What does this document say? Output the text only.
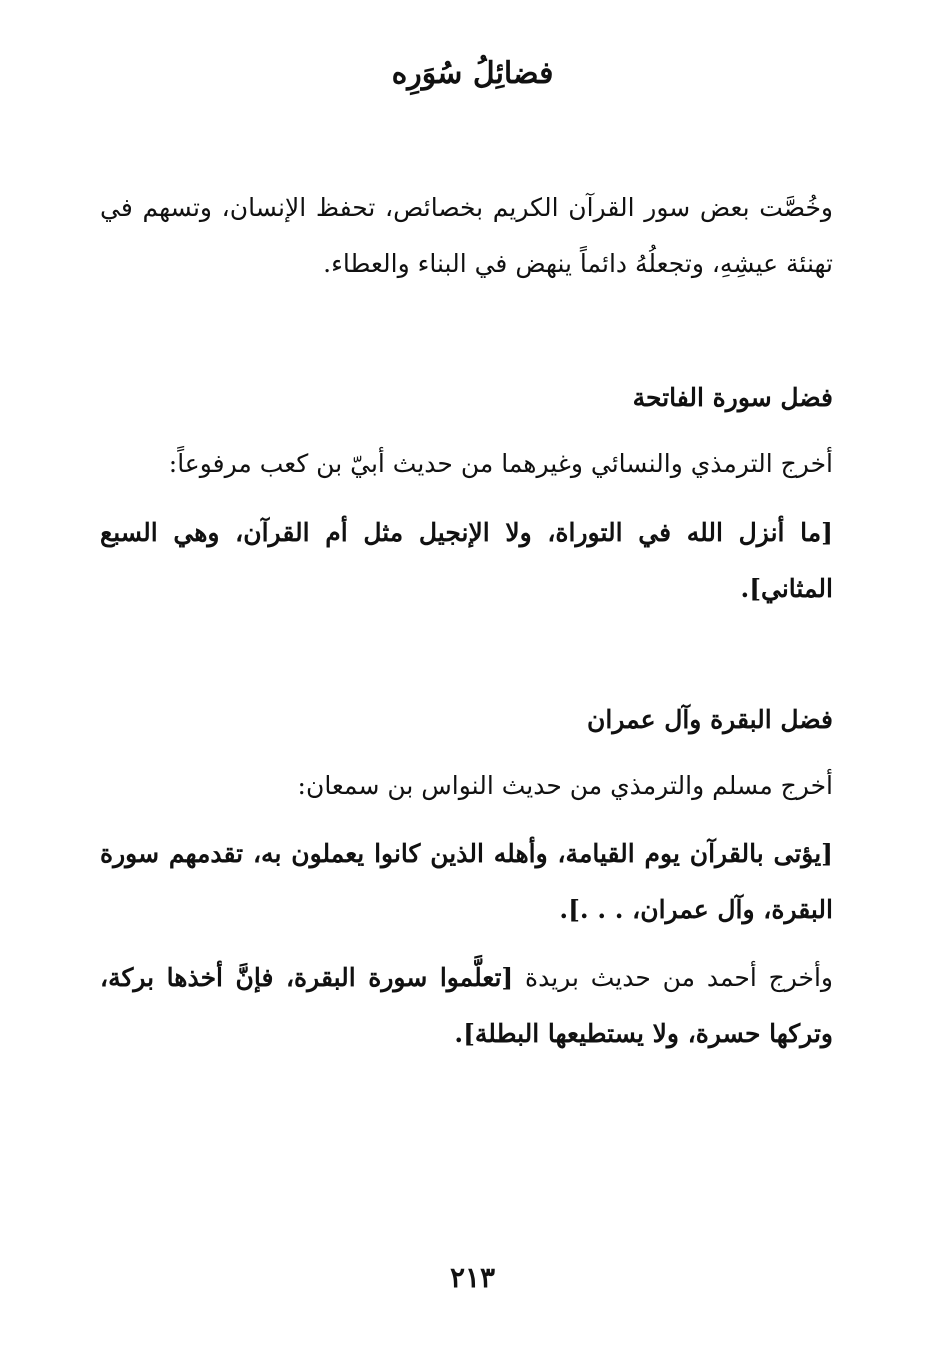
فضائِلُ سُوَرِه
وخُصَّت بعض سور القرآن الكريم بخصائص، تحفظ الإنسان، وتسهم في تهنئة عيشِهِ، وتجعلُهُ دائماً ينهض في البناء والعطاء.
فضل سورة الفاتحة
أخرج الترمذي والنسائي وغيرهما من حديث أبيّ بن كعب مرفوعاً:
[ما أنزل الله في التوراة، ولا الإنجيل مثل أم القرآن، وهي السبع المثاني].
فضل البقرة وآل عمران
أخرج مسلم والترمذي من حديث النواس بن سمعان:
[يؤتى بالقرآن يوم القيامة، وأهله الذين كانوا يعملون به، تقدمهم سورة البقرة، وآل عمران، . . .].
وأخرج أحمد من حديث بريدة [تعلَّموا سورة البقرة، فإنَّ أخذها بركة، وتركها حسرة، ولا يستطيعها البطلة].
٢١٣
